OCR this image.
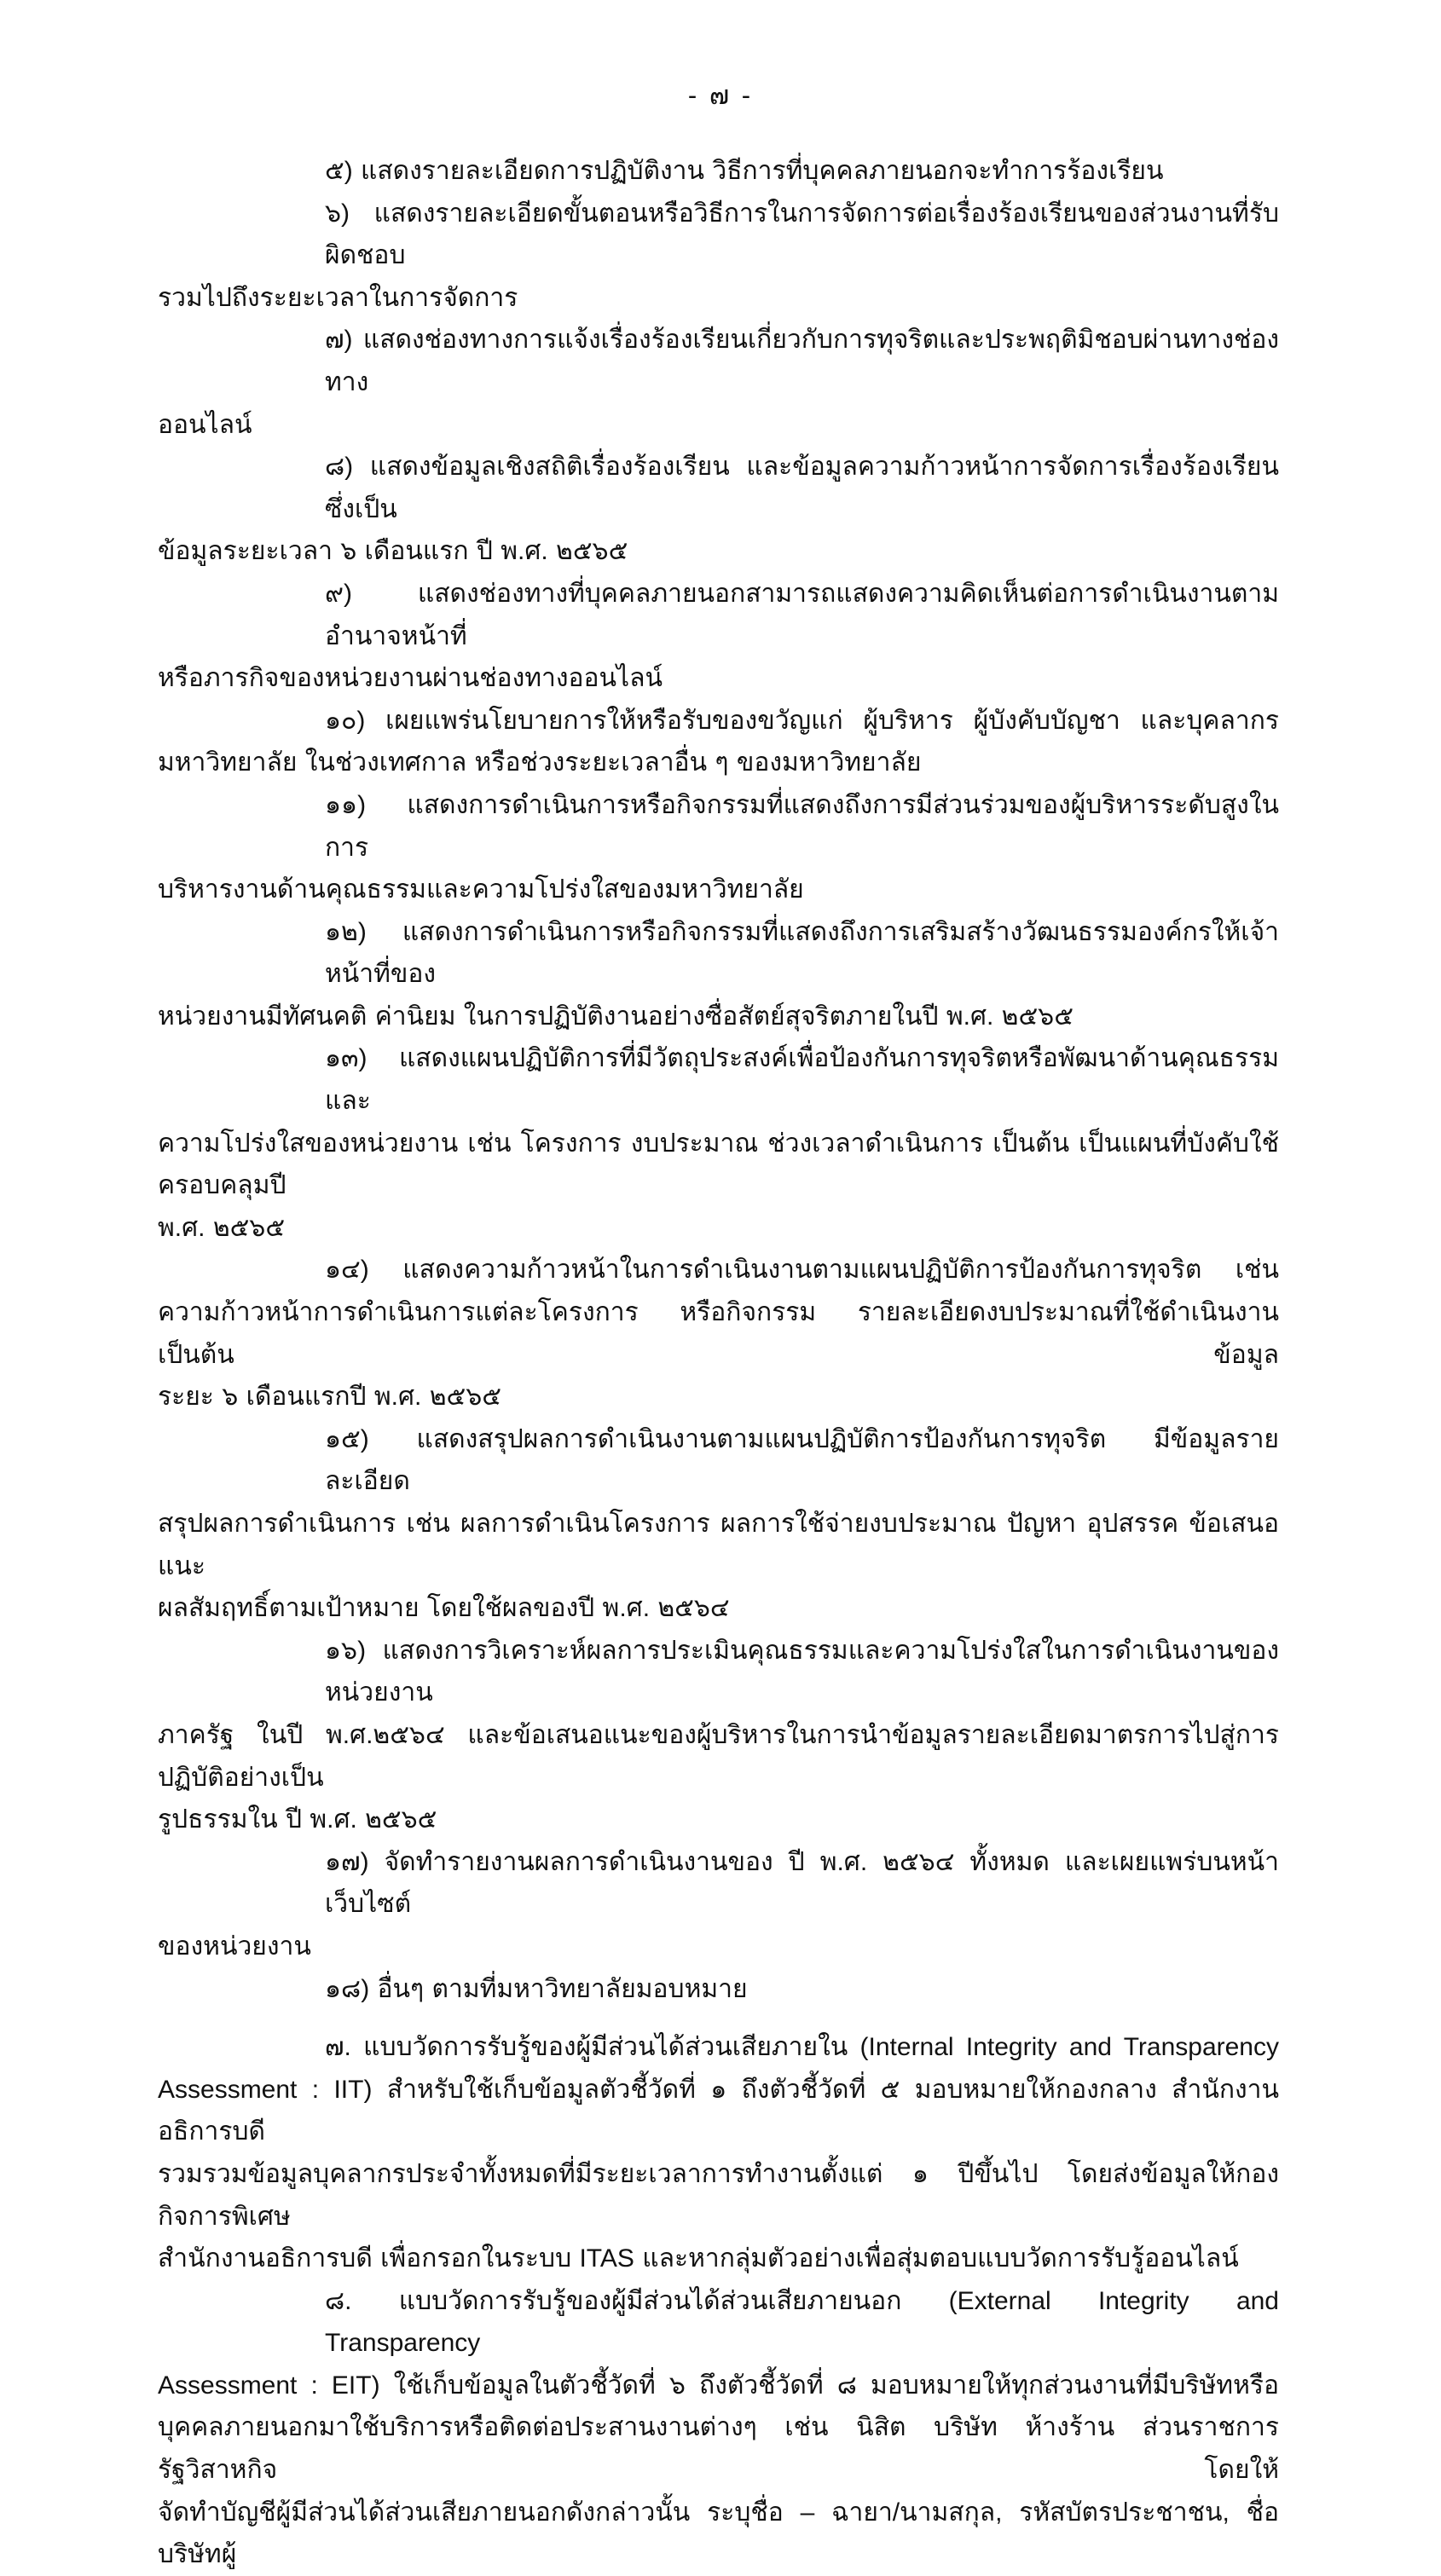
- ๗ -
๕) แสดงรายละเอียดการปฏิบัติงาน วิธีการที่บุคคลภายนอกจะทำการร้องเรียน
๖) แสดงรายละเอียดขั้นตอนหรือวิธีการในการจัดการต่อเรื่องร้องเรียนของส่วนงานที่รับผิดชอบ
รวมไปถึงระยะเวลาในการจัดการ
๗) แสดงช่องทางการแจ้งเรื่องร้องเรียนเกี่ยวกับการทุจริตและประพฤติมิชอบผ่านทางช่องทาง
ออนไลน์
๘) แสดงข้อมูลเชิงสถิติเรื่องร้องเรียน และข้อมูลความก้าวหน้าการจัดการเรื่องร้องเรียน ซึ่งเป็น
ข้อมูลระยะเวลา ๖ เดือนแรก ปี พ.ศ. ๒๕๖๕
๙) แสดงช่องทางที่บุคคลภายนอกสามารถแสดงความคิดเห็นต่อการดำเนินงานตามอำนาจหน้าที่
หรือภารกิจของหน่วยงานผ่านช่องทางออนไลน์
๑๐) เผยแพร่นโยบายการให้หรือรับของขวัญแก่ ผู้บริหาร ผู้บังคับบัญชา และบุคลากร
มหาวิทยาลัย ในช่วงเทศกาล หรือช่วงระยะเวลาอื่น ๆ ของมหาวิทยาลัย
๑๑) แสดงการดำเนินการหรือกิจกรรมที่แสดงถึงการมีส่วนร่วมของผู้บริหารระดับสูงในการ
บริหารงานด้านคุณธรรมและความโปร่งใสของมหาวิทยาลัย
๑๒) แสดงการดำเนินการหรือกิจกรรมที่แสดงถึงการเสริมสร้างวัฒนธรรมองค์กรให้เจ้าหน้าที่ของ
หน่วยงานมีทัศนคติ ค่านิยม ในการปฏิบัติงานอย่างซื่อสัตย์สุจริตภายในปี พ.ศ. ๒๕๖๕
๑๓) แสดงแผนปฏิบัติการที่มีวัตถุประสงค์เพื่อป้องกันการทุจริตหรือพัฒนาด้านคุณธรรมและ
ความโปร่งใสของหน่วยงาน เช่น โครงการ งบประมาณ ช่วงเวลาดำเนินการ เป็นต้น เป็นแผนที่บังคับใช้ครอบคลุมปี
พ.ศ. ๒๕๖๕
๑๔) แสดงความก้าวหน้าในการดำเนินงานตามแผนปฏิบัติการป้องกันการทุจริต เช่น
ความก้าวหน้าการดำเนินการแต่ละโครงการ หรือกิจกรรม รายละเอียดงบประมาณที่ใช้ดำเนินงาน เป็นต้น ข้อมูล
ระยะ ๖ เดือนแรกปี พ.ศ. ๒๕๖๕
๑๕) แสดงสรุปผลการดำเนินงานตามแผนปฏิบัติการป้องกันการทุจริต มีข้อมูลรายละเอียด
สรุปผลการดำเนินการ เช่น ผลการดำเนินโครงการ ผลการใช้จ่ายงบประมาณ ปัญหา อุปสรรค ข้อเสนอแนะ
ผลสัมฤทธิ์ตามเป้าหมาย โดยใช้ผลของปี พ.ศ. ๒๕๖๔
๑๖) แสดงการวิเคราะห์ผลการประเมินคุณธรรมและความโปร่งใสในการดำเนินงานของหน่วยงาน
ภาครัฐ ในปี พ.ศ.๒๕๖๔ และข้อเสนอแนะของผู้บริหารในการนำข้อมูลรายละเอียดมาตรการไปสู่การปฏิบัติอย่างเป็น
รูปธรรมใน ปี พ.ศ. ๒๕๖๕
๑๗) จัดทำรายงานผลการดำเนินงานของ ปี พ.ศ. ๒๕๖๔ ทั้งหมด และเผยแพร่บนหน้าเว็บไซต์
ของหน่วยงาน
๑๘) อื่นๆ ตามที่มหาวิทยาลัยมอบหมาย
๗. แบบวัดการรับรู้ของผู้มีส่วนได้ส่วนเสียภายใน (Internal Integrity and Transparency
Assessment : IIT) สำหรับใช้เก็บข้อมูลตัวชี้วัดที่ ๑ ถึงตัวชี้วัดที่ ๕ มอบหมายให้กองกลาง สำนักงานอธิการบดี
รวมรวมข้อมูลบุคลากรประจำทั้งหมดที่มีระยะเวลาการทำงานตั้งแต่ ๑ ปีขึ้นไป โดยส่งข้อมูลให้กองกิจการพิเศษ
สำนักงานอธิการบดี เพื่อกรอกในระบบ ITAS และหากลุ่มตัวอย่างเพื่อสุ่มตอบแบบวัดการรับรู้ออนไลน์
๘. แบบวัดการรับรู้ของผู้มีส่วนได้ส่วนเสียภายนอก (External Integrity and Transparency
Assessment : EIT) ใช้เก็บข้อมูลในตัวชี้วัดที่ ๖ ถึงตัวชี้วัดที่ ๘ มอบหมายให้ทุกส่วนงานที่มีบริษัทหรือ
บุคคลภายนอกมาใช้บริการหรือติดต่อประสานงานต่างๆ เช่น นิสิต บริษัท ห้างร้าน ส่วนราชการ รัฐวิสาหกิจ โดยให้
จัดทำบัญชีผู้มีส่วนได้ส่วนเสียภายนอกดังกล่าวนั้น ระบุชื่อ – ฉายา/นามสกุล, รหัสบัตรประชาชน, ชื่อบริษัทผู้
